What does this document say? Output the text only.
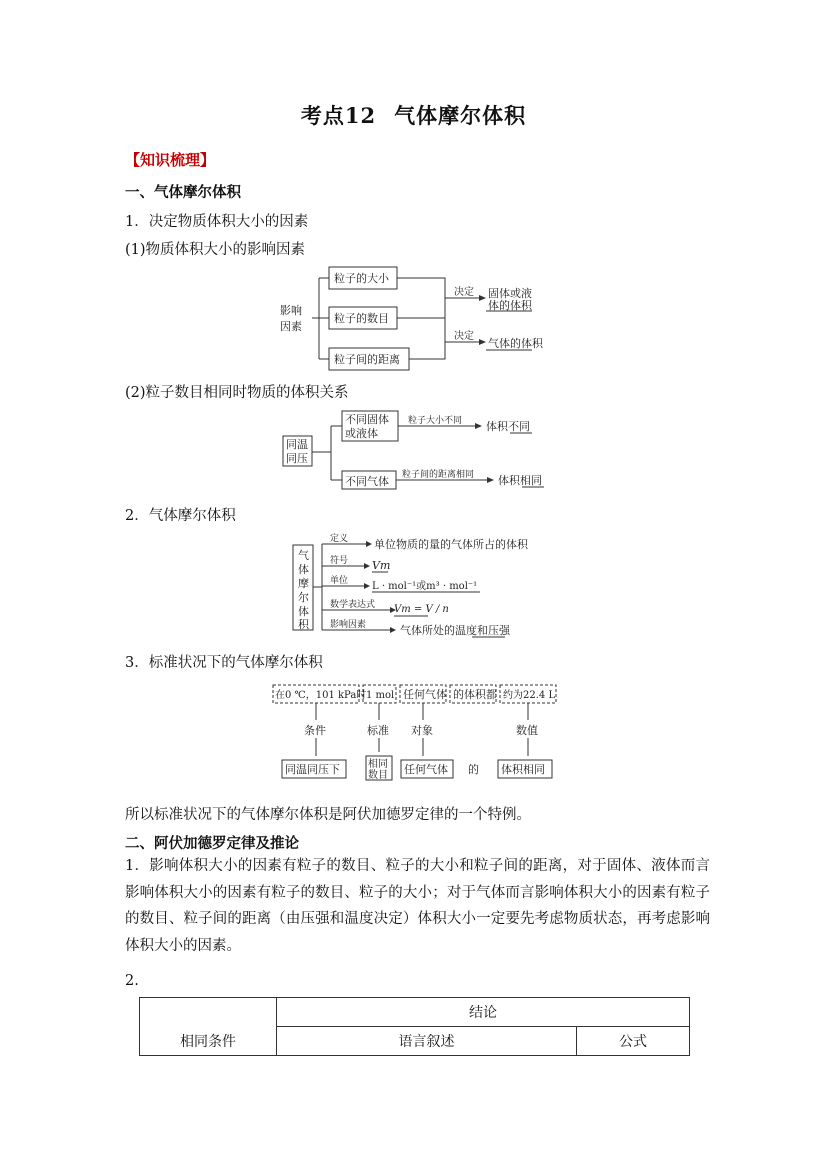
考点12 气体摩尔体积
【知识梳理】
一、气体摩尔体积
1．决定物质体积大小的因素
(1)物质体积大小的影响因素
影响
因素
粒子的大小
粒子的数目
粒子间的距离
决定
决定
固体或液
体的体积
气体的体积
(2)粒子数目相同时物质的体积关系
同温
同压
不同固体
或液体
不同气体
粒子大小不同
粒子间的距离相同
体积不同
体积相同
2．气体摩尔体积
气
体
摩
尔
体
积
定义
符号
单位
数学表达式
影响因素
单位物质的量的气体所占的体积
Vm
L · mol⁻¹或m³ · mol⁻¹
Vm = V / n
气体所处的温度和压强
3．标准状况下的气体摩尔体积
在0 ℃，101 kPa时 1 mol 任何气体 的体积都 约为22.4 L
条件	标准 对象	数值
同温同压下	相同
数目 任何气体 的 体积相同
所以标准状况下的气体摩尔体积是阿伏加德罗定律的一个特例。
二、阿伏加德罗定律及推论
1．影响体积大小的因素有粒子的数目、粒子的大小和粒子间的距离，对于固体、液体而言影响体积大小的因素有粒子的数目、粒子的大小；对于气体而言影响体积大小的因素有粒子的数目、粒子间的距离（由压强和温度决定）体积大小一定要先考虑物质状态，再考虑影响体积大小的因素。
2.
相同条件	结论	
	语言叙述	公式
